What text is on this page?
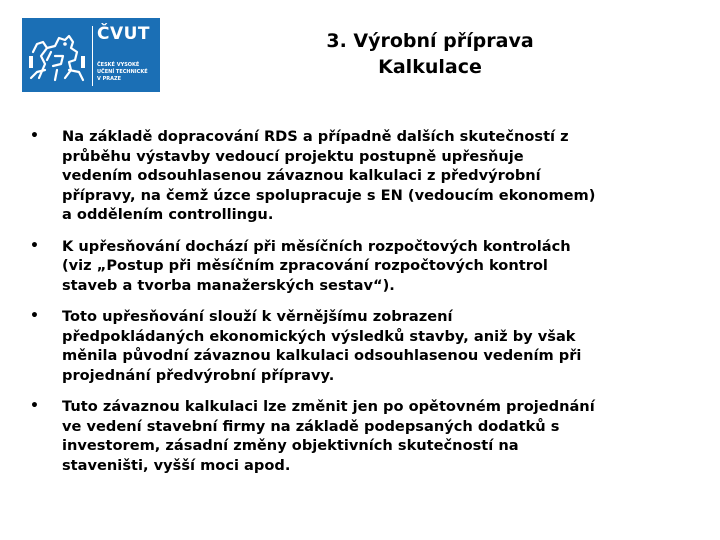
ČVUT
ČESKÉ VYSOKÉ
UČENÍ TECHNICKÉ
V PRAZE
3. Výrobní příprava
Kalkulace
• Na základě dopracování RDS a případně dalších skutečností z
průběhu výstavby vedoucí projektu postupně upřesňuje
vedením odsouhlasenou závaznou kalkulaci z předvýrobní
přípravy, na čemž úzce spolupracuje s EN (vedoucím ekonomem)
a oddělením controllingu.
• K upřesňování dochází při měsíčních rozpočtových kontrolách
(viz „Postup při měsíčním zpracování rozpočtových kontrol
staveb a tvorba manažerských sestav“).
• Toto upřesňování slouží k věrnějšímu zobrazení
předpokládaných ekonomických výsledků stavby, aniž by však
měnila původní závaznou kalkulaci odsouhlasenou vedením při
projednání předvýrobní přípravy.
• Tuto závaznou kalkulaci lze změnit jen po opětovném projednání
ve vedení stavební firmy na základě podepsaných dodatků s
investorem, zásadní změny objektivních skutečností na
staveništi, vyšší moci apod.
